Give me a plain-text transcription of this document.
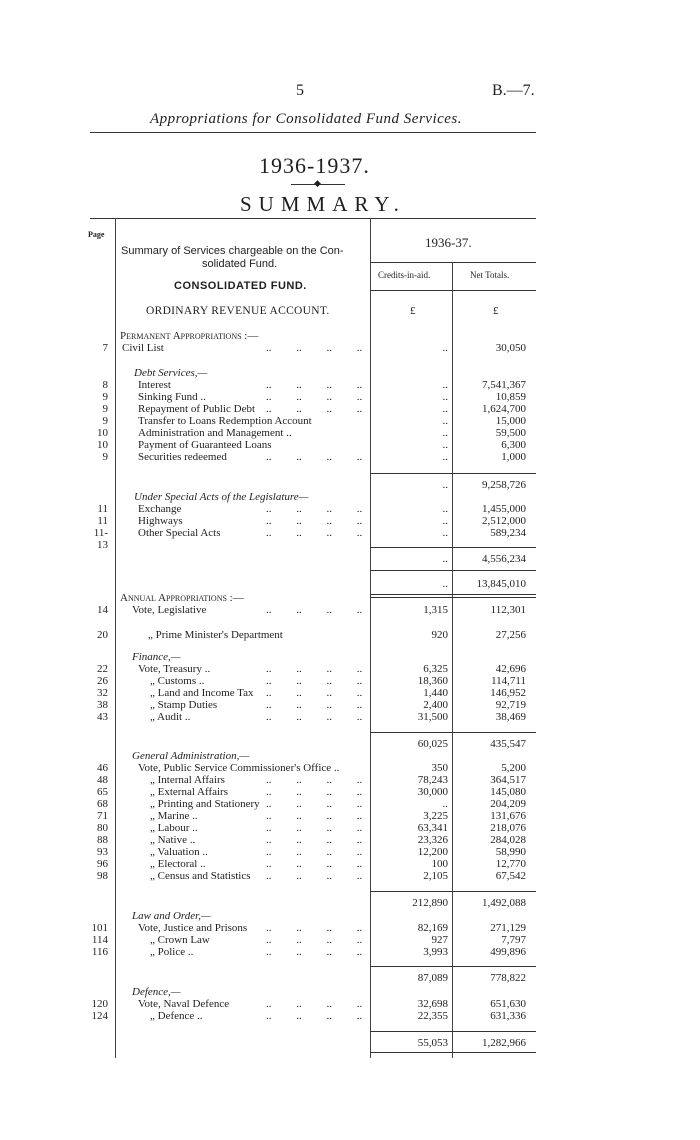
5	B.—7.
Appropriations for Consolidated Fund Services.
1936-1937.
◆
SUMMARY.
Page
Summary of Services chargeable on the Con-
solidated Fund.
1936-37.
Credits-in-aid.	Net Totals.
CONSOLIDATED FUND.
ORDINARY REVENUE ACCOUNT.	£	£
Permanent Appropriations :—
7 Civil List	.. .. .. ..	..	30,050
Debt Services,—
8	Interest	.. .. .. ..	..	7,541,367
9	Sinking Fund ..	.. .. .. ..	..	10,859
9	Repayment of Public Debt .. .. .. ..	..	1,624,700
9	Transfer to Loans Redemption Account	..	15,000
10	Administration and Management ..	..	59,500
10	Payment of Guaranteed Loans	..	6,300
9	Securities redeemed	.. .. .. ..	..	1,000
..	9,258,726
Under Special Acts of the Legislature—
11	Exchange	.. .. .. ..	..	1,455,000
11	Highways	.. .. .. ..	..	2,512,000
11-	Other Special Acts	.. .. .. ..	..	589,234
13
..	4,556,234
..	13,845,010
Annual Appropriations :—
14 Vote, Legislative	.. .. .. ..	1,315	112,301
20	„ Prime Minister's Department	920	27,256
Finance,—
22	Vote, Treasury ..	.. .. .. ..	6,325	42,696
26	„ Customs ..	.. .. .. ..	18,360	114,711
32	„ Land and Income Tax .. .. .. ..	1,440	146,952
38	„ Stamp Duties	.. .. .. ..	2,400	92,719
43	„ Audit ..	.. .. .. ..	31,500	38,469
60,025	435,547
General Administration,—
46	Vote, Public Service Commissioner's Office ..	350	5,200
48	„ Internal Affairs	.. .. .. ..	78,243	364,517
65	„ External Affairs	.. .. .. ..	30,000	145,080
68	„ Printing and Stationery .. .. .. ..	..	204,209
71	„ Marine ..	.. .. .. ..	3,225	131,676
80	„ Labour ..	.. .. .. ..	63,341	218,076
88	„ Native ..	.. .. .. ..	23,326	284,028
93	„ Valuation ..	.. .. .. ..	12,200	58,990
96	„ Electoral ..	.. .. .. ..	100	12,770
98	„ Census and Statistics .. .. .. ..	2,105	67,542
212,890	1,492,088
Law and Order,—
101	Vote, Justice and Prisons .. .. .. ..	82,169	271,129
114	„ Crown Law	.. .. .. ..	927	7,797
116	„ Police ..	.. .. .. ..	3,993	499,896
87,089	778,822
Defence,—
120	Vote, Naval Defence	.. .. .. ..	32,698	651,630
124	„ Defence ..	.. .. .. ..	22,355	631,336
55,053	1,282,966
